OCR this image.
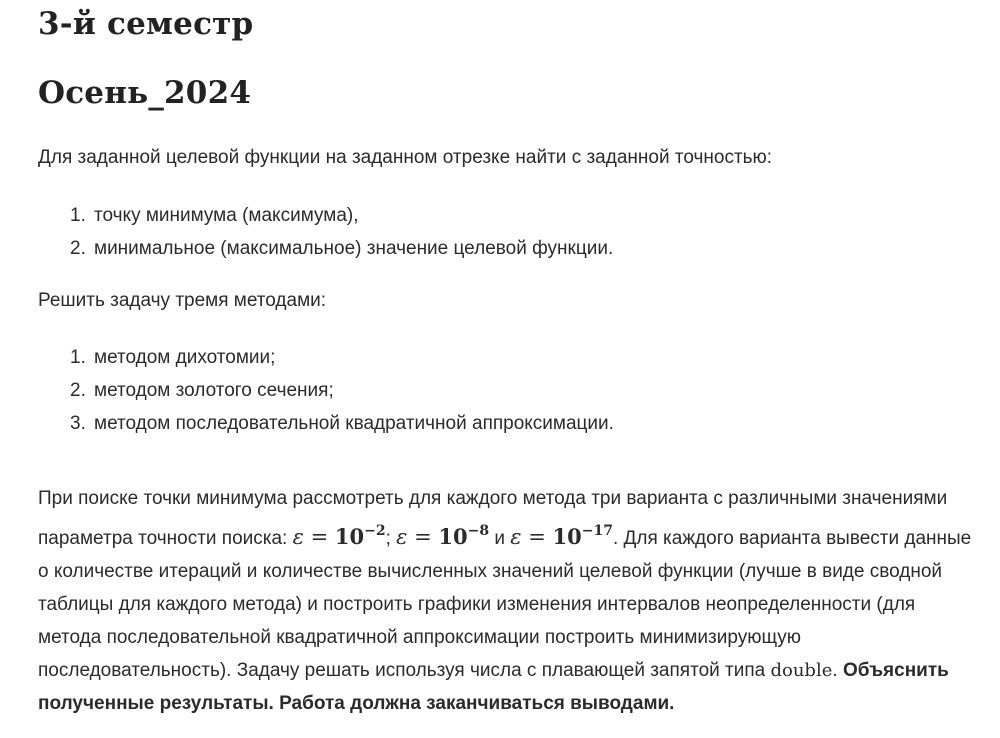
3-й семестр
Осень_2024

Для заданной целевой функции на заданном отрезке найти с заданной точностью:

1. точку минимума (максимума),
2. минимальное (максимальное) значение целевой функции.

Решить задачу тремя методами:

1. методом дихотомии;
2. методом золотого сечения;
3. методом последовательной квадратичной аппроксимации.

При поиске точки минимума рассмотреть для каждого метода три варианта с различными значениями параметра точности поиска: $\varepsilon = 10^{-2}$; $\varepsilon = 10^{-8}$ и $\varepsilon = 10^{-17}$. Для каждого варианта вывести данные о количестве итераций и количестве вычисленных значений целевой функции (лучше в виде сводной таблицы для каждого метода) и построить графики изменения интервалов неопределенности (для метода последовательной квадратичной аппроксимации построить минимизирующую последовательность). Задачу решать используя числа с плавающей запятой типа double. Объяснить полученные результаты. Работа должна заканчиваться выводами.
